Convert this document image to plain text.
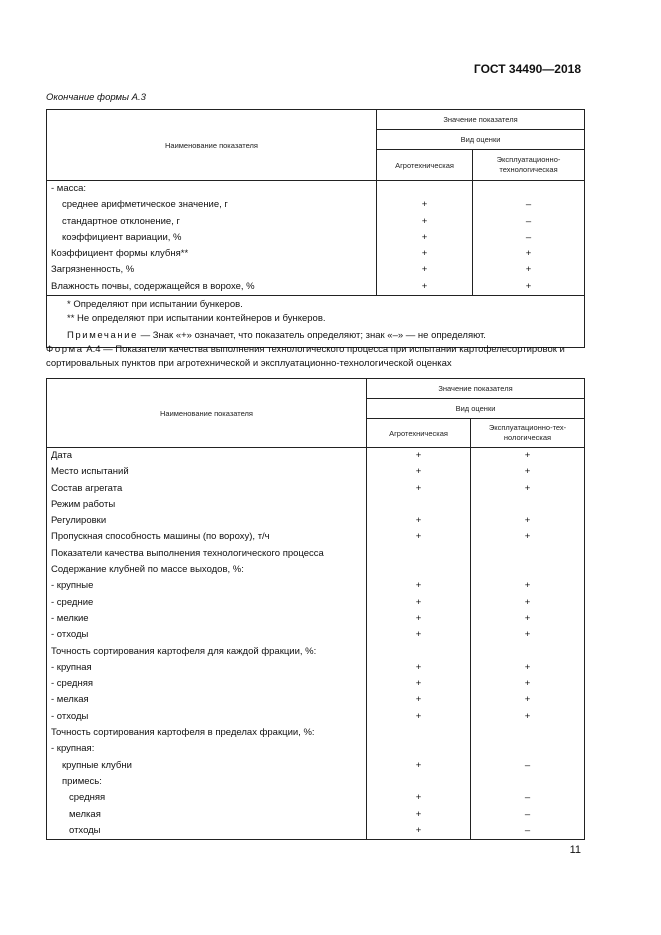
ГОСТ 34490—2018
Окончание формы А.3
Наименование показателя	Значение показателя	
	Вид оценки	
	Агротехническая	Эксплуатационно-
технологическая

- масса:		
среднее арифметическое значение, г	+	–
стандартное отклонение, г	+	–
коэффициент вариации, %	+	–
Коэффициент формы клубня**	+	+
Загрязненность, %	+	+
Влажность почвы, содержащейся в ворохе, %	+	+

* Определяют при испытании бункеров.
** Не определяют при испытании контейнеров и бункеров.
Примечание — Знак «+» означает, что показатель определяют; знак «–» — не определяют.		
Форма А.4 — Показатели качества выполнения технологического процесса при испытании картофелесортировок и сортировальных пунктов при агротехнической и эксплуатационно-технологической оценках
Наименование показателя	Значение показателя	
	Вид оценки	
	Агротехническая	Эксплуатационно-тех-
нологическая

Дата	+	+
Место испытаний	+	+
Состав агрегата	+	+
Режим работы		
Регулировки	+	+
Пропускная способность машины (по вороху), т/ч	+	+
Показатели качества выполнения технологического процесса		
Содержание клубней по массе выходов, %:		
- крупные	+	+
- средние	+	+
- мелкие	+	+
- отходы	+	+
Точность сортирования картофеля для каждой фракции, %:		
- крупная	+	+
- средняя	+	+
- мелкая	+	+
- отходы	+	+
Точность сортирования картофеля в пределах фракции, %:		
- крупная:		
крупные клубни	+	–
примесь:		
средняя	+	–
мелкая	+	–
отходы	+	–
11
